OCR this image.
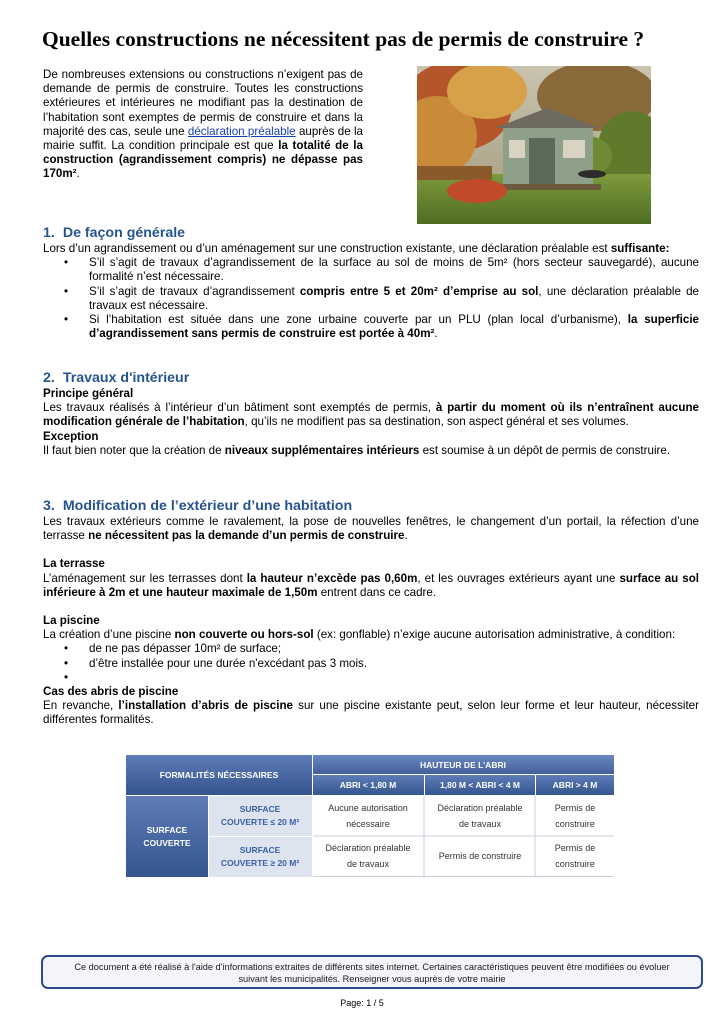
Quelles constructions ne nécessitent pas de permis de construire ?
De nombreuses extensions ou constructions n’exigent pas de demande de permis de construire. Toutes les constructions extérieures et intérieures ne modifiant pas la destination de l’habitation sont exemptes de permis de construire et dans la majorité des cas, seule une déclaration préalable auprès de la mairie suffit. La condition principale est que la totalité de la construction (agrandissement compris) ne dépasse pas 170m².
1. De façon générale
Lors d’un agrandissement ou d’un aménagement sur une construction existante, une déclaration préalable est suffisante:
• S’il s’agit de travaux d’agrandissement de la surface au sol de moins de 5m² (hors secteur sauvegardé), aucune formalité n’est nécessaire.
• S’il s’agit de travaux d’agrandissement compris entre 5 et 20m² d’emprise au sol, une déclaration préalable de travaux est nécessaire.
• Si l’habitation est située dans une zone urbaine couverte par un PLU (plan local d’urbanisme), la superficie d’agrandissement sans permis de construire est portée à 40m².
2. Travaux d'intérieur
Principe général
Les travaux réalisés à l’intérieur d’un bâtiment sont exemptés de permis, à partir du moment où ils n’entraînent aucune modification générale de l’habitation, qu’ils ne modifient pas sa destination, son aspect général et ses volumes.
Exception
Il faut bien noter que la création de niveaux supplémentaires intérieurs est soumise à un dépôt de permis de construire.
3. Modification de l’extérieur d’une habitation
Les travaux extérieurs comme le ravalement, la pose de nouvelles fenêtres, le changement d’un portail, la réfection d’une terrasse ne nécessitent pas la demande d’un permis de construire.
La terrasse
L’aménagement sur les terrasses dont la hauteur n’excède pas 0,60m, et les ouvrages extérieurs ayant une surface au sol inférieure à 2m et une hauteur maximale de 1,50m entrent dans ce cadre.
La piscine
La création d’une piscine non couverte ou hors-sol (ex: gonflable) n’exige aucune autorisation administrative, à condition:
• de ne pas dépasser 10m² de surface;
• d’être installée pour une durée n'excédant pas 3 mois.
•

Cas des abris de piscine
En revanche, l’installation d’abris de piscine sur une piscine existante peut, selon leur forme et leur hauteur, nécessiter différentes formalités.
FORMALITÉS NÉCESSAIRES
HAUTEUR DE L’ABRI
ABRI < 1,80 M	1,80 M < ABRI < 4 M	ABRI > 4 M
SURFACE
COUVERTE
SURFACE
COUVERTE ≤ 20 M²
SURFACE
COUVERTE ≥ 20 M²
Aucune autorisation
nécessaire
Déclaration préalable
de travaux
Permis de
construire
Déclaration préalable
de travaux
Permis de construire
Permis de
construire
Ce document a été réalisé à l'aide d'informations extraites de différents sites internet. Certaines caractéristiques peuvent être modifiées ou évoluer
suivant les municipalités. Renseigner vous auprès de votre mairie
Page: 1 / 5
